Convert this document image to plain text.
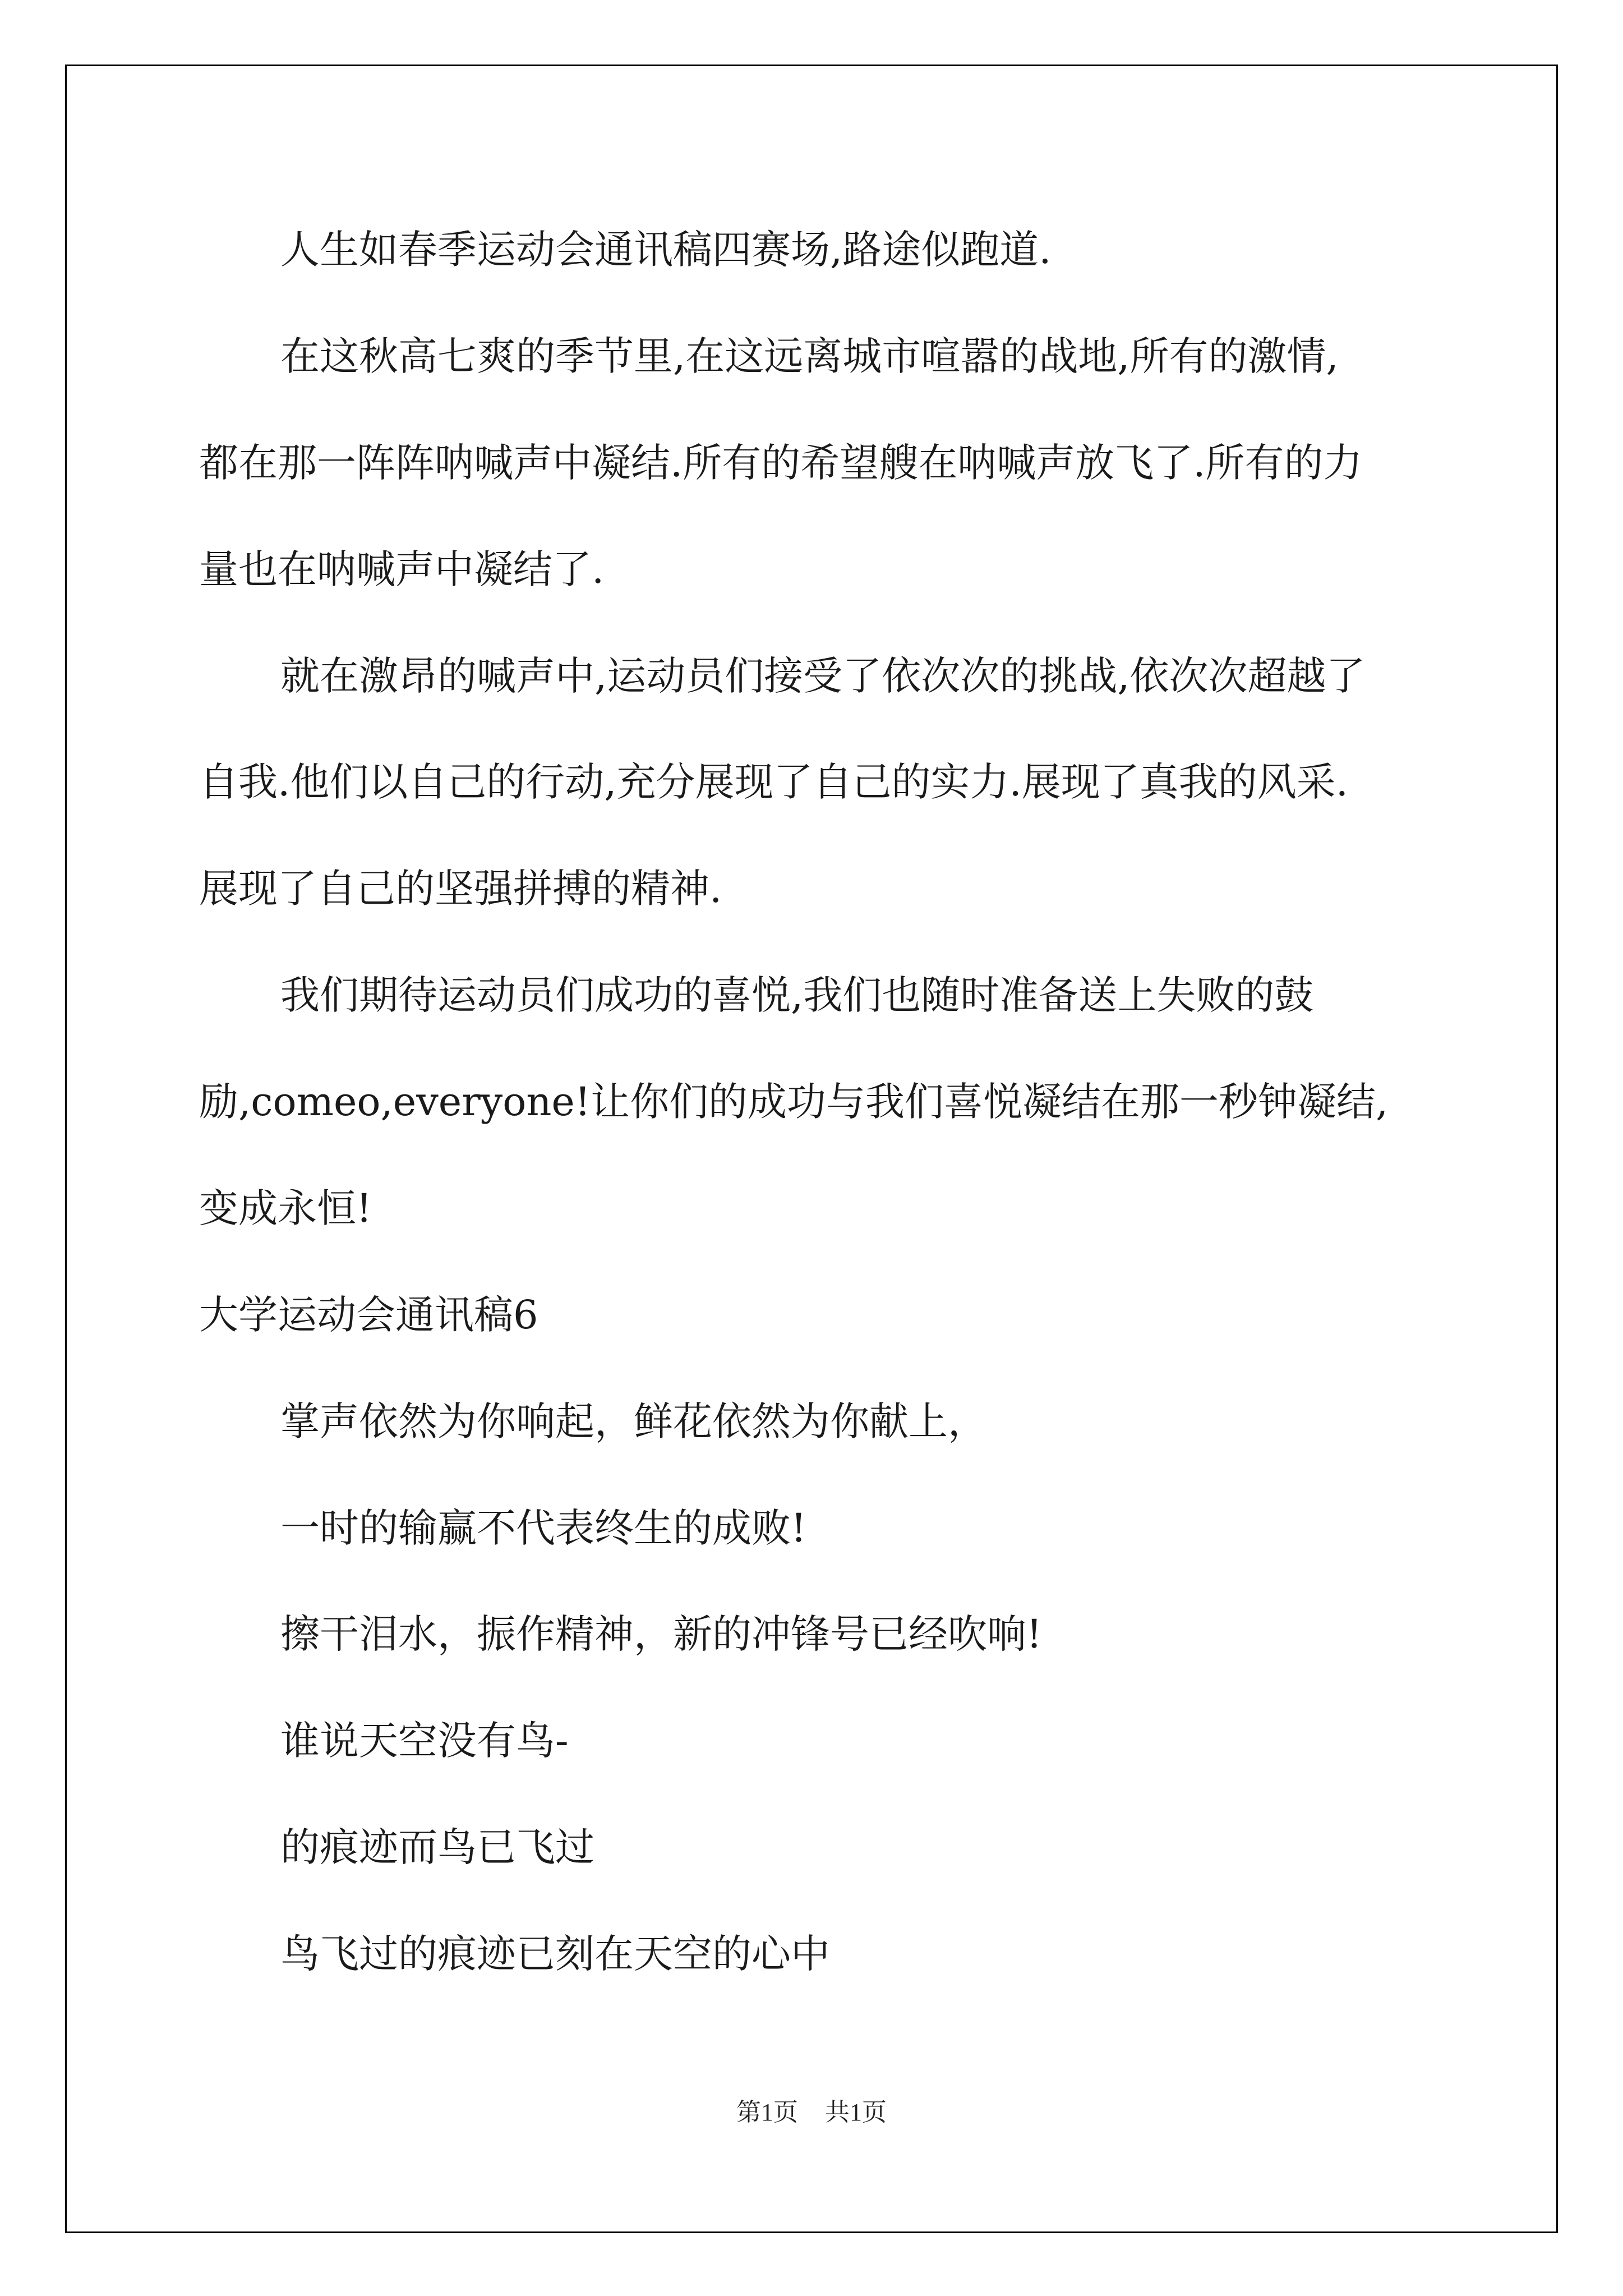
人生如春季运动会通讯稿四赛场,路途似跑道.
在这秋高七爽的季节里,在这远离城市喧嚣的战地,所有的激情,
都在那一阵阵呐喊声中凝结.所有的希望艘在呐喊声放飞了.所有的力
量也在呐喊声中凝结了.
就在激昂的喊声中,运动员们接受了依次次的挑战,依次次超越了
自我.他们以自己的行动,充分展现了自己的实力.展现了真我的风采.
展现了自己的坚强拼搏的精神.
我们期待运动员们成功的喜悦,我们也随时准备送上失败的鼓
励,comeo,everyone!让你们的成功与我们喜悦凝结在那一秒钟凝结,
变成永恒!
大学运动会通讯稿6
掌声依然为你响起，鲜花依然为你献上，
一时的输赢不代表终生的成败!
擦干泪水，振作精神，新的冲锋号已经吹响!
谁说天空没有鸟-
的痕迹而鸟已飞过
鸟飞过的痕迹已刻在天空的心中
第1页 共1页
